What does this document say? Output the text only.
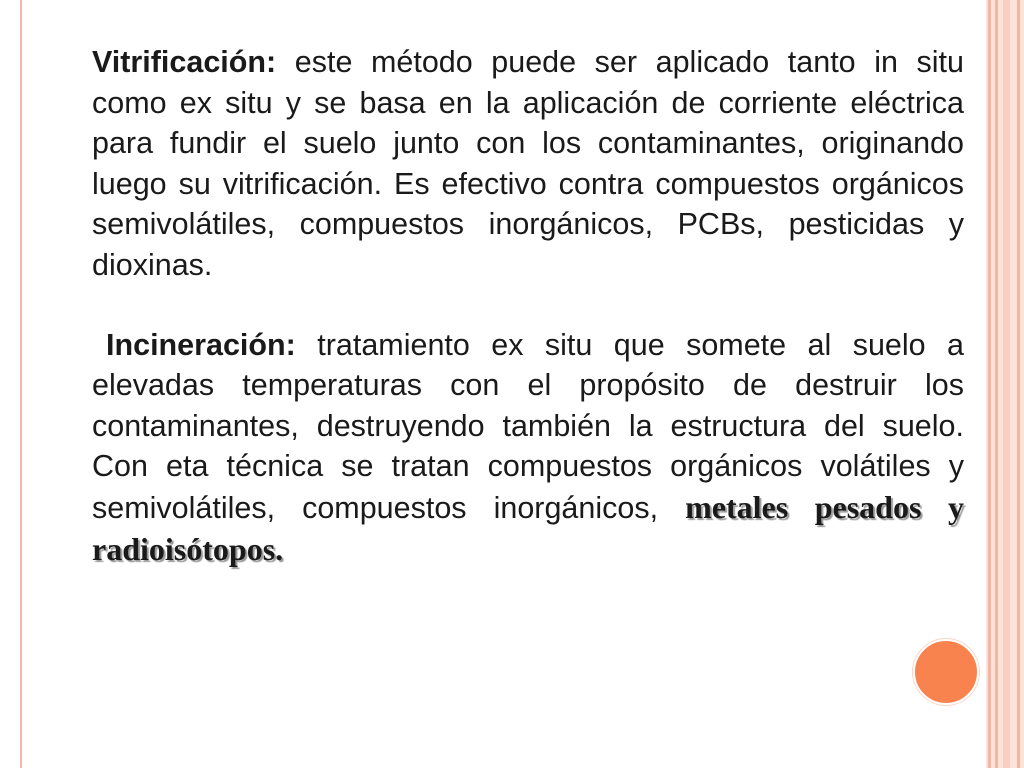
Vitrificación: este método puede ser aplicado tanto in situ como ex situ y se basa en la aplicación de corriente eléctrica para fundir el suelo junto con los contaminantes, originando luego su vitrificación. Es efectivo contra compuestos orgánicos semivolátiles, compuestos inorgánicos, PCBs, pesticidas y dioxinas.

Incineración: tratamiento ex situ que somete al suelo a elevadas temperaturas con el propósito de destruir los contaminantes, destruyendo también la estructura del suelo. Con eta técnica se tratan compuestos orgánicos volátiles y semivolátiles, compuestos inorgánicos, metales pesados y radioisótopos.
